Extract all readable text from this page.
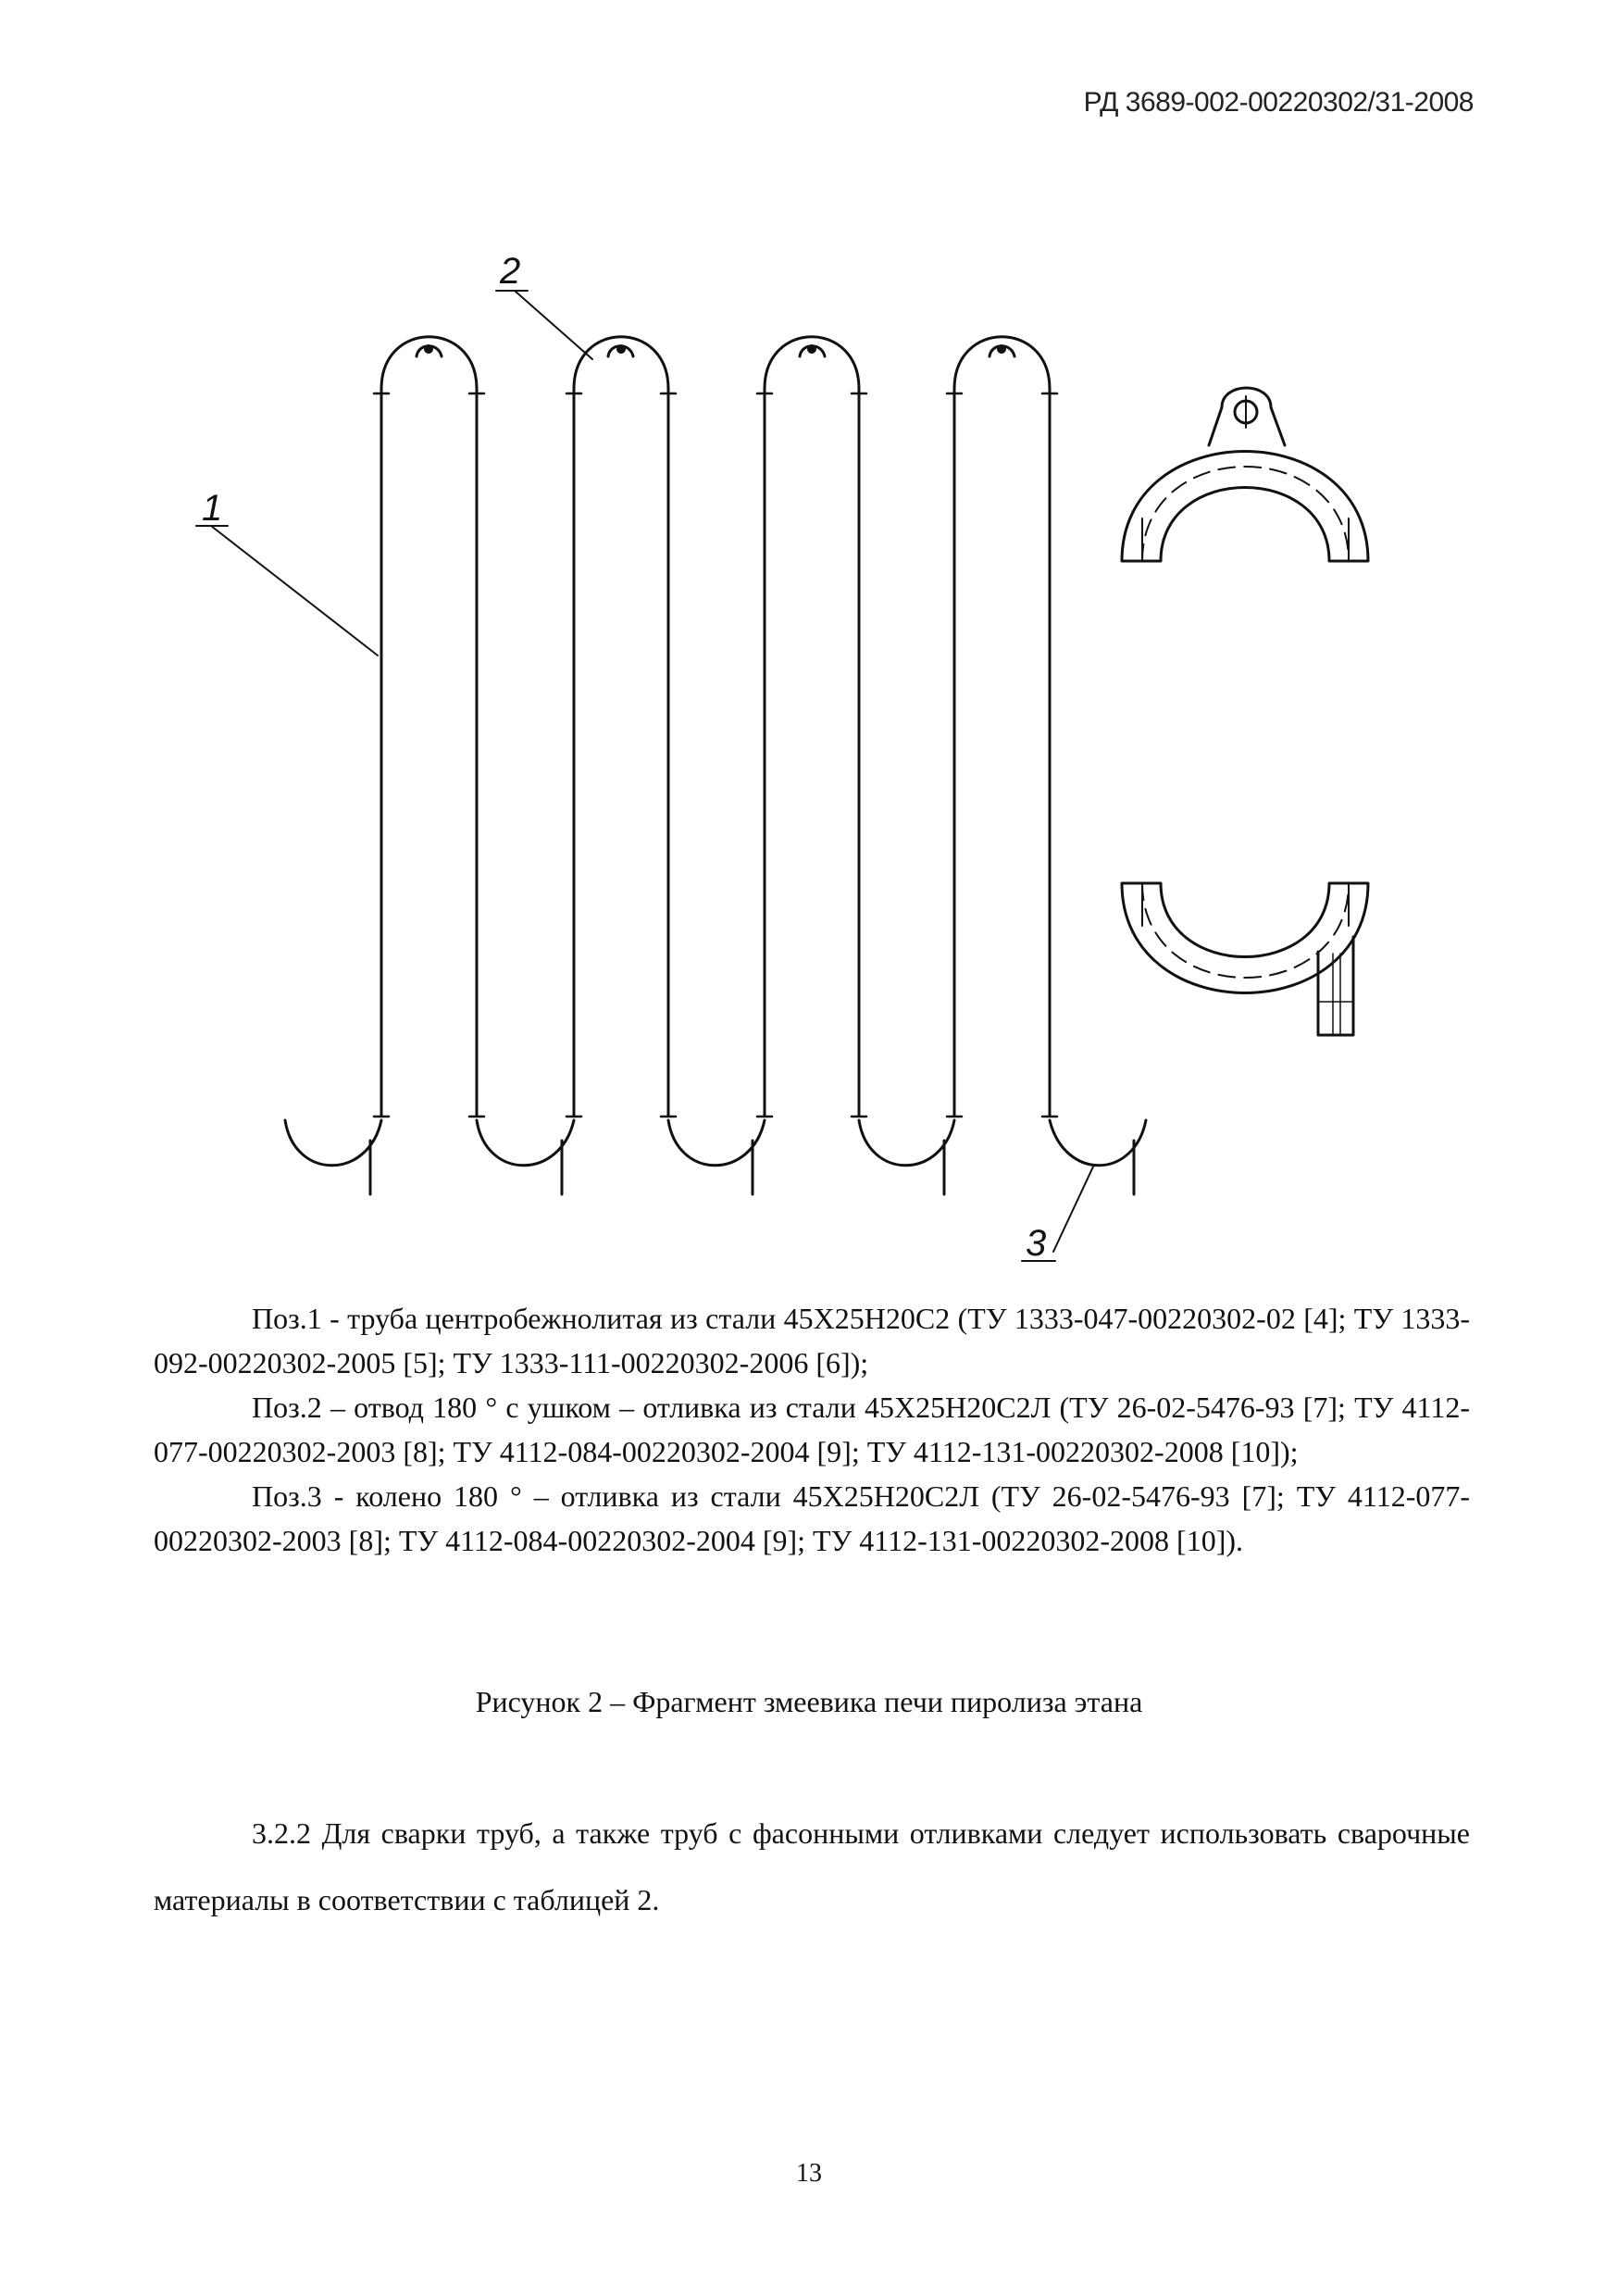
РД 3689-002-00220302/31-2008
1
2
3

Поз.1 - труба центробежнолитая из стали 45Х25Н20С2 (ТУ 1333-047-00220302-02 [4]; ТУ 1333-092-00220302-2005 [5]; ТУ 1333-111-00220302-2006 [6]);

Поз.2 – отвод 180 ° с ушком – отливка из стали 45Х25Н20С2Л (ТУ 26-02-5476-93 [7]; ТУ 4112-077-00220302-2003 [8]; ТУ 4112-084-00220302-2004 [9]; ТУ 4112-131-00220302-2008 [10]);

Поз.3 - колено 180 ° – отливка из стали 45Х25Н20С2Л (ТУ 26-02-5476-93 [7]; ТУ 4112-077-00220302-2003 [8]; ТУ 4112-084-00220302-2004 [9]; ТУ 4112-131-00220302-2008 [10]).

Рисунок 2 – Фрагмент змеевика печи пиролиза этана

3.2.2 Для сварки труб, а также труб с фасонными отливками следует использовать сварочные материалы в соответствии с таблицей 2.

13
